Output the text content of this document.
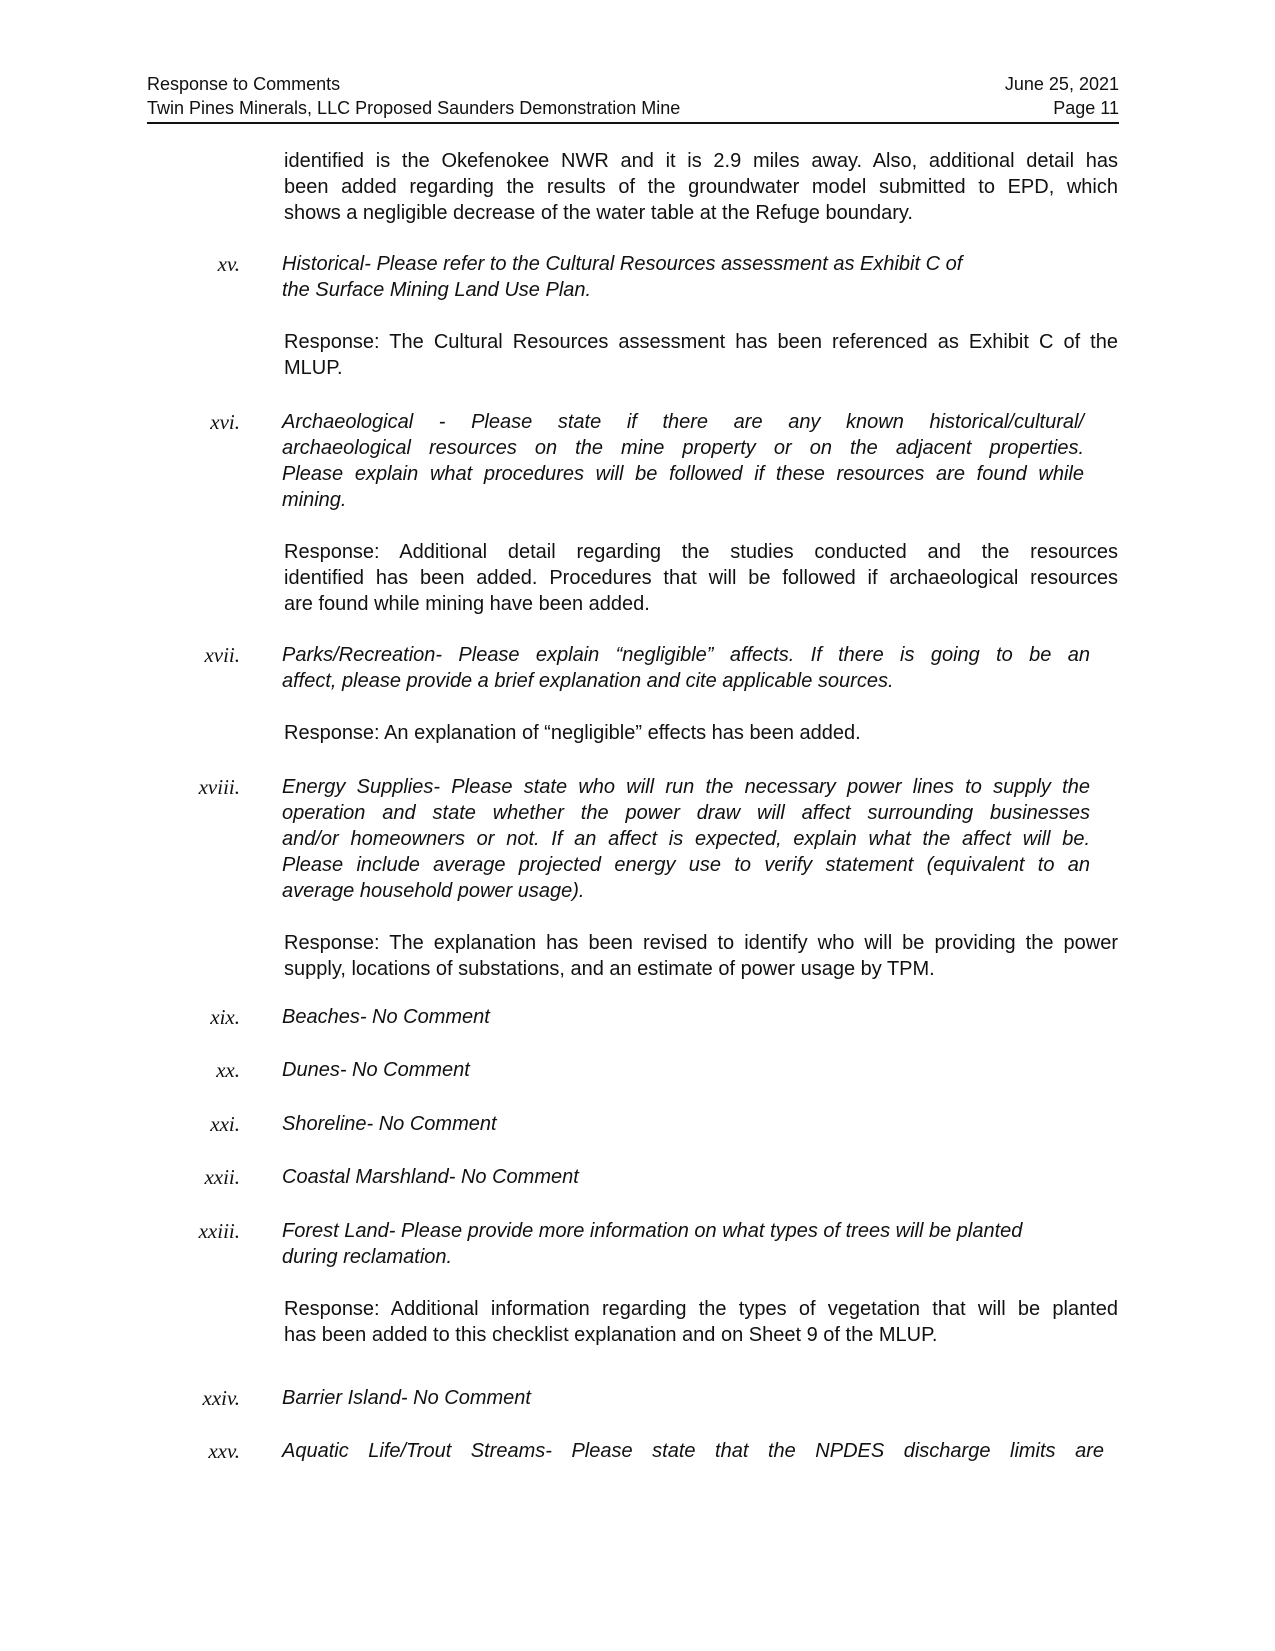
Response to Comments	June 25, 2021
Twin Pines Minerals, LLC Proposed Saunders Demonstration Mine	Page 11
identified is the Okefenokee NWR and it is 2.9 miles away. Also, additional detail has
been added regarding the results of the groundwater model submitted to EPD, which
shows a negligible decrease of the water table at the Refuge boundary.
xv. Historical- Please refer to the Cultural Resources assessment as Exhibit C of
the Surface Mining Land Use Plan.
Response: The Cultural Resources assessment has been referenced as Exhibit C of the
MLUP.
xvi. Archaeological - Please state if there are any known historical/cultural/
archaeological resources on the mine property or on the adjacent properties.
Please explain what procedures will be followed if these resources are found while
mining.
Response: Additional detail regarding the studies conducted and the resources
identified has been added. Procedures that will be followed if archaeological resources
are found while mining have been added.
xvii. Parks/Recreation- Please explain “negligible” affects. If there is going to be an
affect, please provide a brief explanation and cite applicable sources.
Response: An explanation of “negligible” effects has been added.
xviii. Energy Supplies- Please state who will run the necessary power lines to supply the
operation and state whether the power draw will affect surrounding businesses
and/or homeowners or not. If an affect is expected, explain what the affect will be.
Please include average projected energy use to verify statement (equivalent to an
average household power usage).
Response: The explanation has been revised to identify who will be providing the power
supply, locations of substations, and an estimate of power usage by TPM.
xix. Beaches- No Comment
xx. Dunes- No Comment
xxi. Shoreline- No Comment
xxii. Coastal Marshland- No Comment
xxiii. Forest Land- Please provide more information on what types of trees will be planted
during reclamation.
Response: Additional information regarding the types of vegetation that will be planted
has been added to this checklist explanation and on Sheet 9 of the MLUP.
xxiv. Barrier Island- No Comment
xxv. Aquatic Life/Trout Streams- Please state that the NPDES discharge limits are
